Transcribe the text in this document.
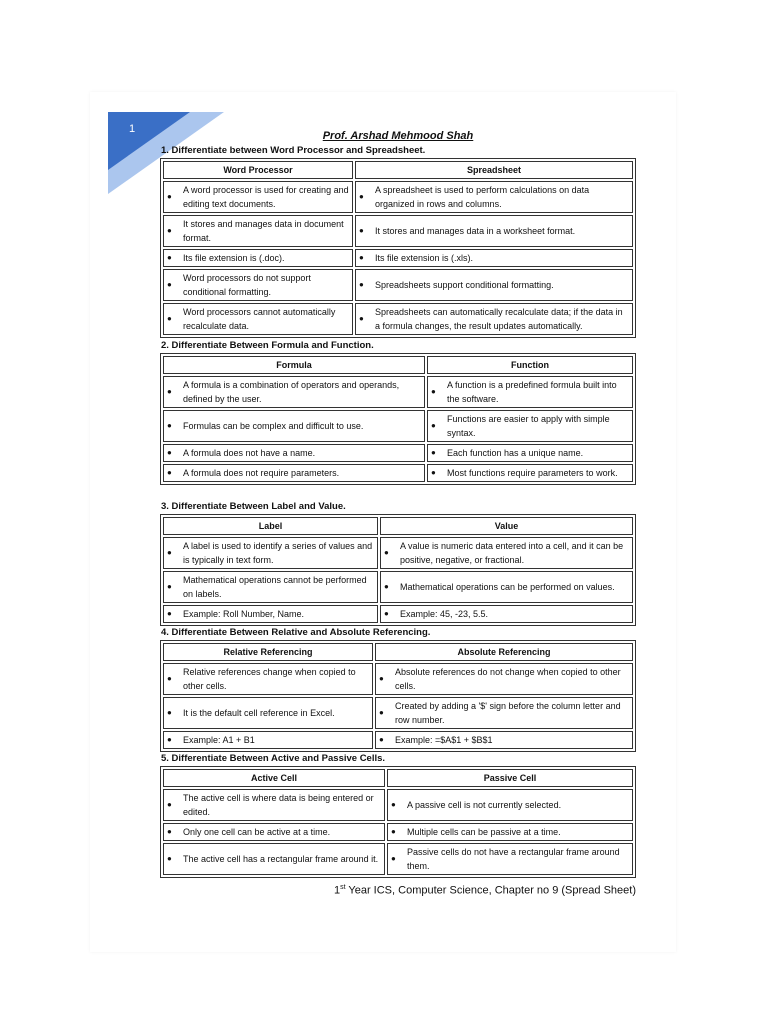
1
Prof. Arshad Mehmood Shah
1. Differentiate between Word Processor and Spreadsheet.
Word Processor	Spreadsheet

●
A word processor is used for creating and editing text documents.	●
A spreadsheet is used to perform calculations on data organized in rows and columns.

●
It stores and manages data in document format.	● It stores and manages data in a worksheet format.

● Its file extension is (.doc).	● Its file extension is (.xls).

●
Word processors do not support conditional formatting.	● Spreadsheets support conditional formatting.

●
Word processors cannot automatically recalculate data.	●
Spreadsheets can automatically recalculate data; if the data in a formula changes, the result updates automatically.
2. Differentiate Between Formula and Function.
Formula	Function

●
A formula is a combination of operators and operands, defined by the user.	●
A function is a predefined formula built into the software.

● Formulas can be complex and difficult to use.	●
Functions are easier to apply with simple syntax.

● A formula does not have a name.	● Each function has a unique name.

● A formula does not require parameters.	● Most functions require parameters to work.
3. Differentiate Between Label and Value.
Label	Value

●
A label is used to identify a series of values and is typically in text form.	●
A value is numeric data entered into a cell, and it can be positive, negative, or fractional.

●
Mathematical operations cannot be performed on labels.	● Mathematical operations can be performed on values.

● Example: Roll Number, Name.	● Example: 45, -23, 5.5.
4. Differentiate Between Relative and Absolute Referencing.
Relative Referencing	Absolute Referencing

●
Relative references change when copied to other cells.	●
Absolute references do not change when copied to other cells.

● It is the default cell reference in Excel.	●
Created by adding a '$' sign before the column letter and row number.

● Example: A1 + B1	● Example: =$A$1 + $B$1
5. Differentiate Between Active and Passive Cells.
Active Cell	Passive Cell

●
The active cell is where data is being entered or edited.	● A passive cell is not currently selected.

● Only one cell can be active at a time.	● Multiple cells can be passive at a time.

● The active cell has a rectangular frame around it.	●
Passive cells do not have a rectangular frame around them.
1st Year ICS, Computer Science, Chapter no 9 (Spread Sheet)
